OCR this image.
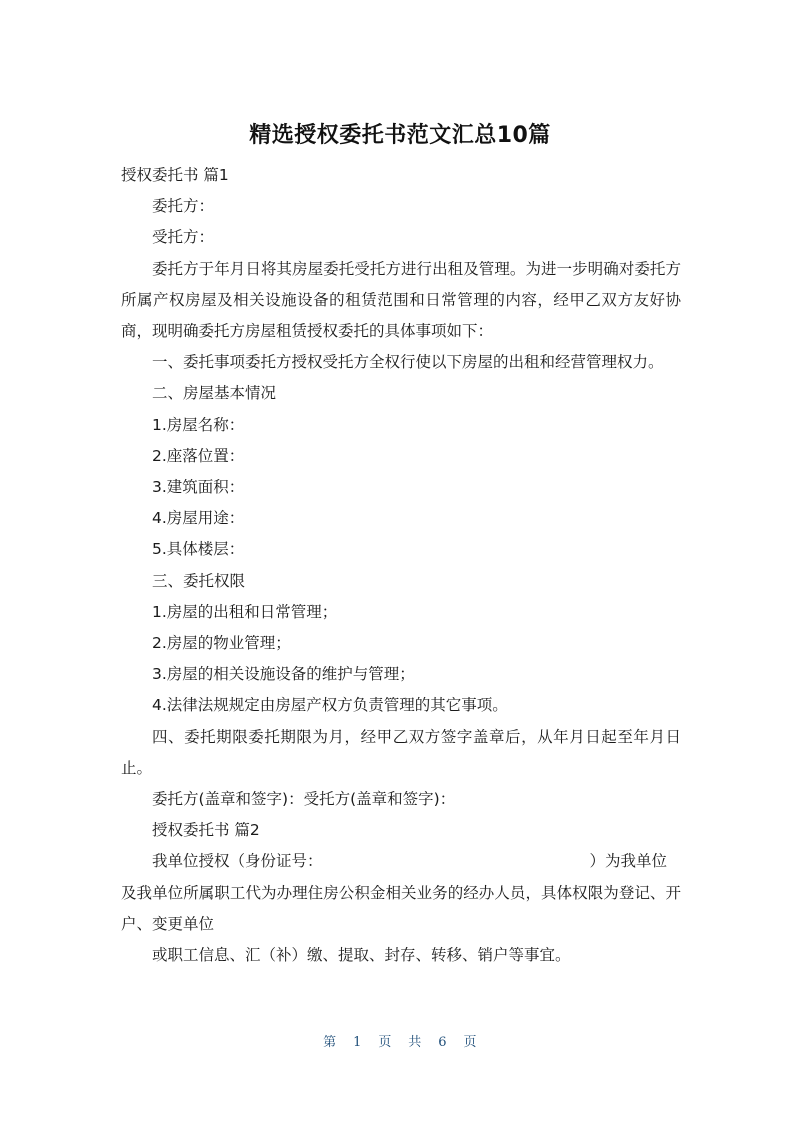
精选授权委托书范文汇总10篇

授权委托书 篇1

委托方：

受托方：

委托方于年月日将其房屋委托受托方进行出租及管理。为进一步明确对委托方所属产权房屋及相关设施设备的租赁范围和日常管理的内容，经甲乙双方友好协商，现明确委托方房屋租赁授权委托的具体事项如下：

一、委托事项委托方授权受托方全权行使以下房屋的出租和经营管理权力。

二、房屋基本情况

1.房屋名称：

2.座落位置：

3.建筑面积：

4.房屋用途：

5.具体楼层：

三、委托权限

1.房屋的出租和日常管理；

2.房屋的物业管理；

3.房屋的相关设施设备的维护与管理；

4.法律法规规定由房屋产权方负责管理的其它事项。

四、委托期限委托期限为月，经甲乙双方签字盖章后，从年月日起至年月日止。

委托方(盖章和签字)：受托方(盖章和签字)：

授权委托书 篇2

我单位授权（身份证号：	）为我单位

及我单位所属职工代为办理住房公积金相关业务的经办人员，具体权限为登记、开户、变更单位

或职工信息、汇（补）缴、提取、封存、转移、销户等事宜。

第 1 页 共 6 页
